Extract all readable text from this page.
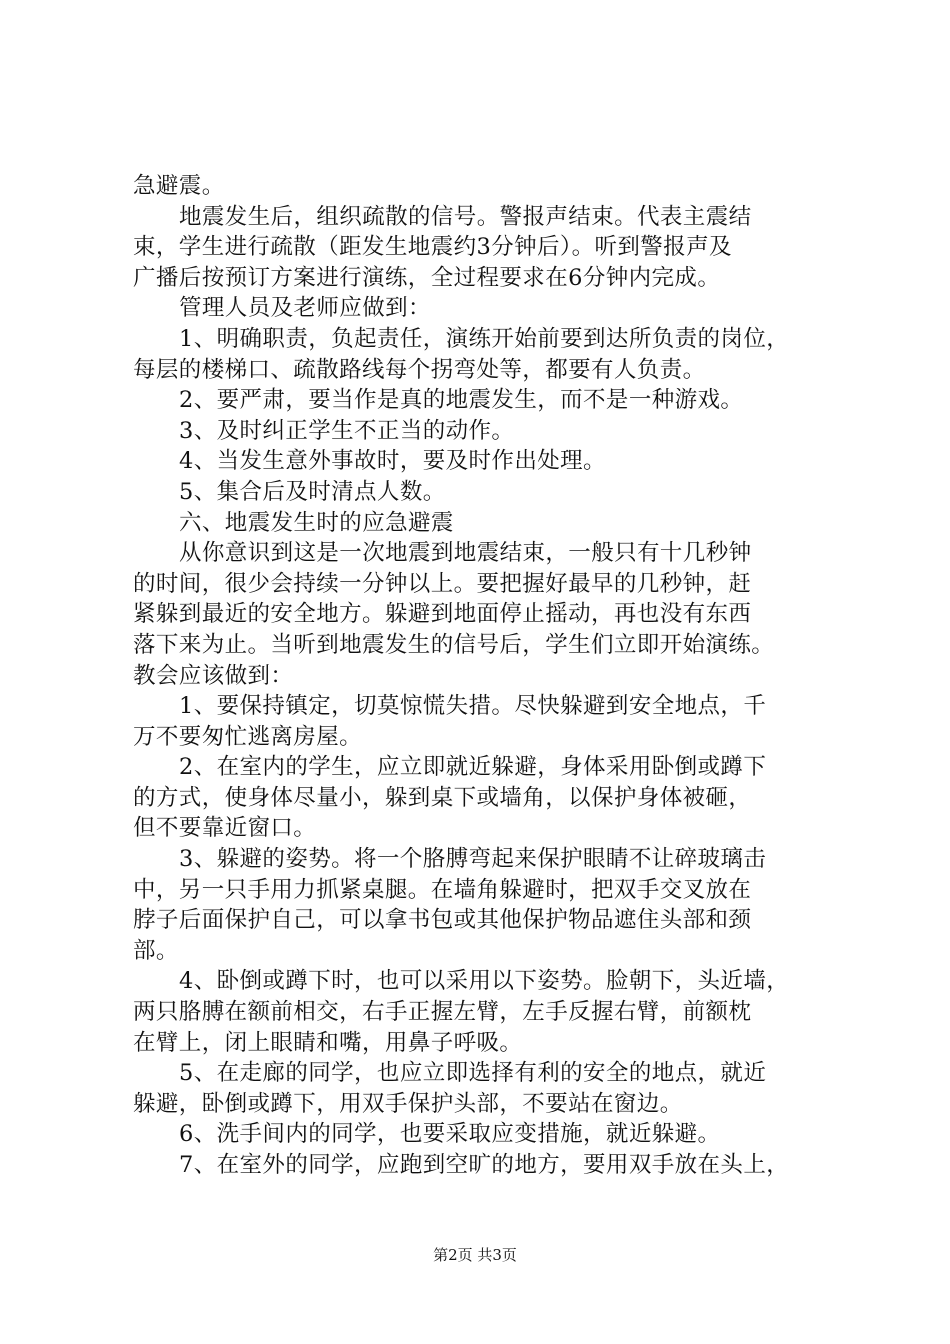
急避震。
地震发生后，组织疏散的信号。警报声结束。代表主震结
束，学生进行疏散（距发生地震约3分钟后）。听到警报声及
广播后按预订方案进行演练，全过程要求在6分钟内完成。
管理人员及老师应做到：
1、明确职责，负起责任，演练开始前要到达所负责的岗位，
每层的楼梯口、疏散路线每个拐弯处等，都要有人负责。
2、要严肃，要当作是真的地震发生，而不是一种游戏。
3、及时纠正学生不正当的动作。
4、当发生意外事故时，要及时作出处理。
5、集合后及时清点人数。
六、地震发生时的应急避震
从你意识到这是一次地震到地震结束，一般只有十几秒钟
的时间，很少会持续一分钟以上。要把握好最早的几秒钟，赶
紧躲到最近的安全地方。躲避到地面停止摇动，再也没有东西
落下来为止。当听到地震发生的信号后，学生们立即开始演练。
教会应该做到：
1、要保持镇定，切莫惊慌失措。尽快躲避到安全地点，千
万不要匆忙逃离房屋。
2、在室内的学生，应立即就近躲避，身体采用卧倒或蹲下
的方式，使身体尽量小，躲到桌下或墙角，以保护身体被砸，
但不要靠近窗口。
3、躲避的姿势。将一个胳膊弯起来保护眼睛不让碎玻璃击
中，另一只手用力抓紧桌腿。在墙角躲避时，把双手交叉放在
脖子后面保护自己，可以拿书包或其他保护物品遮住头部和颈
部。
4、卧倒或蹲下时，也可以采用以下姿势。脸朝下，头近墙，
两只胳膊在额前相交，右手正握左臂，左手反握右臂，前额枕
在臂上，闭上眼睛和嘴，用鼻子呼吸。
5、在走廊的同学，也应立即选择有利的安全的地点，就近
躲避，卧倒或蹲下，用双手保护头部，不要站在窗边。
6、洗手间内的同学，也要采取应变措施，就近躲避。
7、在室外的同学，应跑到空旷的地方，要用双手放在头上，
第2页 共3页
